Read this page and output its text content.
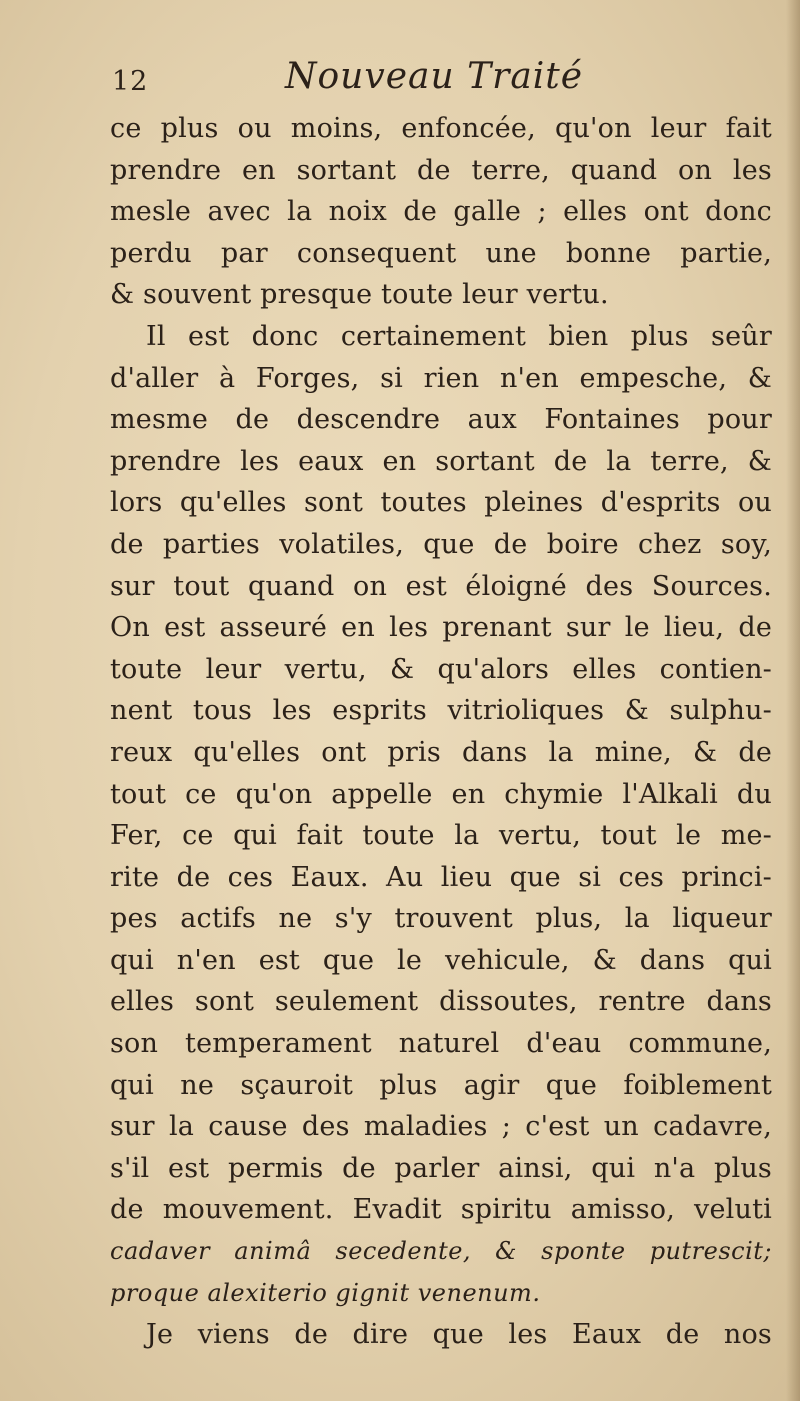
12	Nouveau Traité
ce plus ou moins, enfoncée, qu'on leur fait
prendre en sortant de terre, quand on les
mesle avec la noix de galle ; elles ont donc
perdu par consequent une bonne partie,
& souvent presque toute leur vertu.
Il est donc certainement bien plus seûr
d'aller à Forges, si rien n'en empesche, &
mesme de descendre aux Fontaines pour
prendre les eaux en sortant de la terre, &
lors qu'elles sont toutes pleines d'esprits ou
de parties volatiles, que de boire chez soy,
sur tout quand on est éloigné des Sources.
On est asseuré en les prenant sur le lieu, de
toute leur vertu, & qu'alors elles contien-
nent tous les esprits vitrioliques & sulphu-
reux qu'elles ont pris dans la mine, & de
tout ce qu'on appelle en chymie l'Alkali du
Fer, ce qui fait toute la vertu, tout le me-
rite de ces Eaux. Au lieu que si ces princi-
pes actifs ne s'y trouvent plus, la liqueur
qui n'en est que le vehicule, & dans qui
elles sont seulement dissoutes, rentre dans
son temperament naturel d'eau commune,
qui ne sçauroit plus agir que foiblement
sur la cause des maladies ; c'est un cadavre,
s'il est permis de parler ainsi, qui n'a plus
de mouvement. Evadit spiritu amisso, veluti
cadaver animâ secedente, & sponte putrescit;
proque alexiterio gignit venenum.
Je viens de dire que les Eaux de nos
